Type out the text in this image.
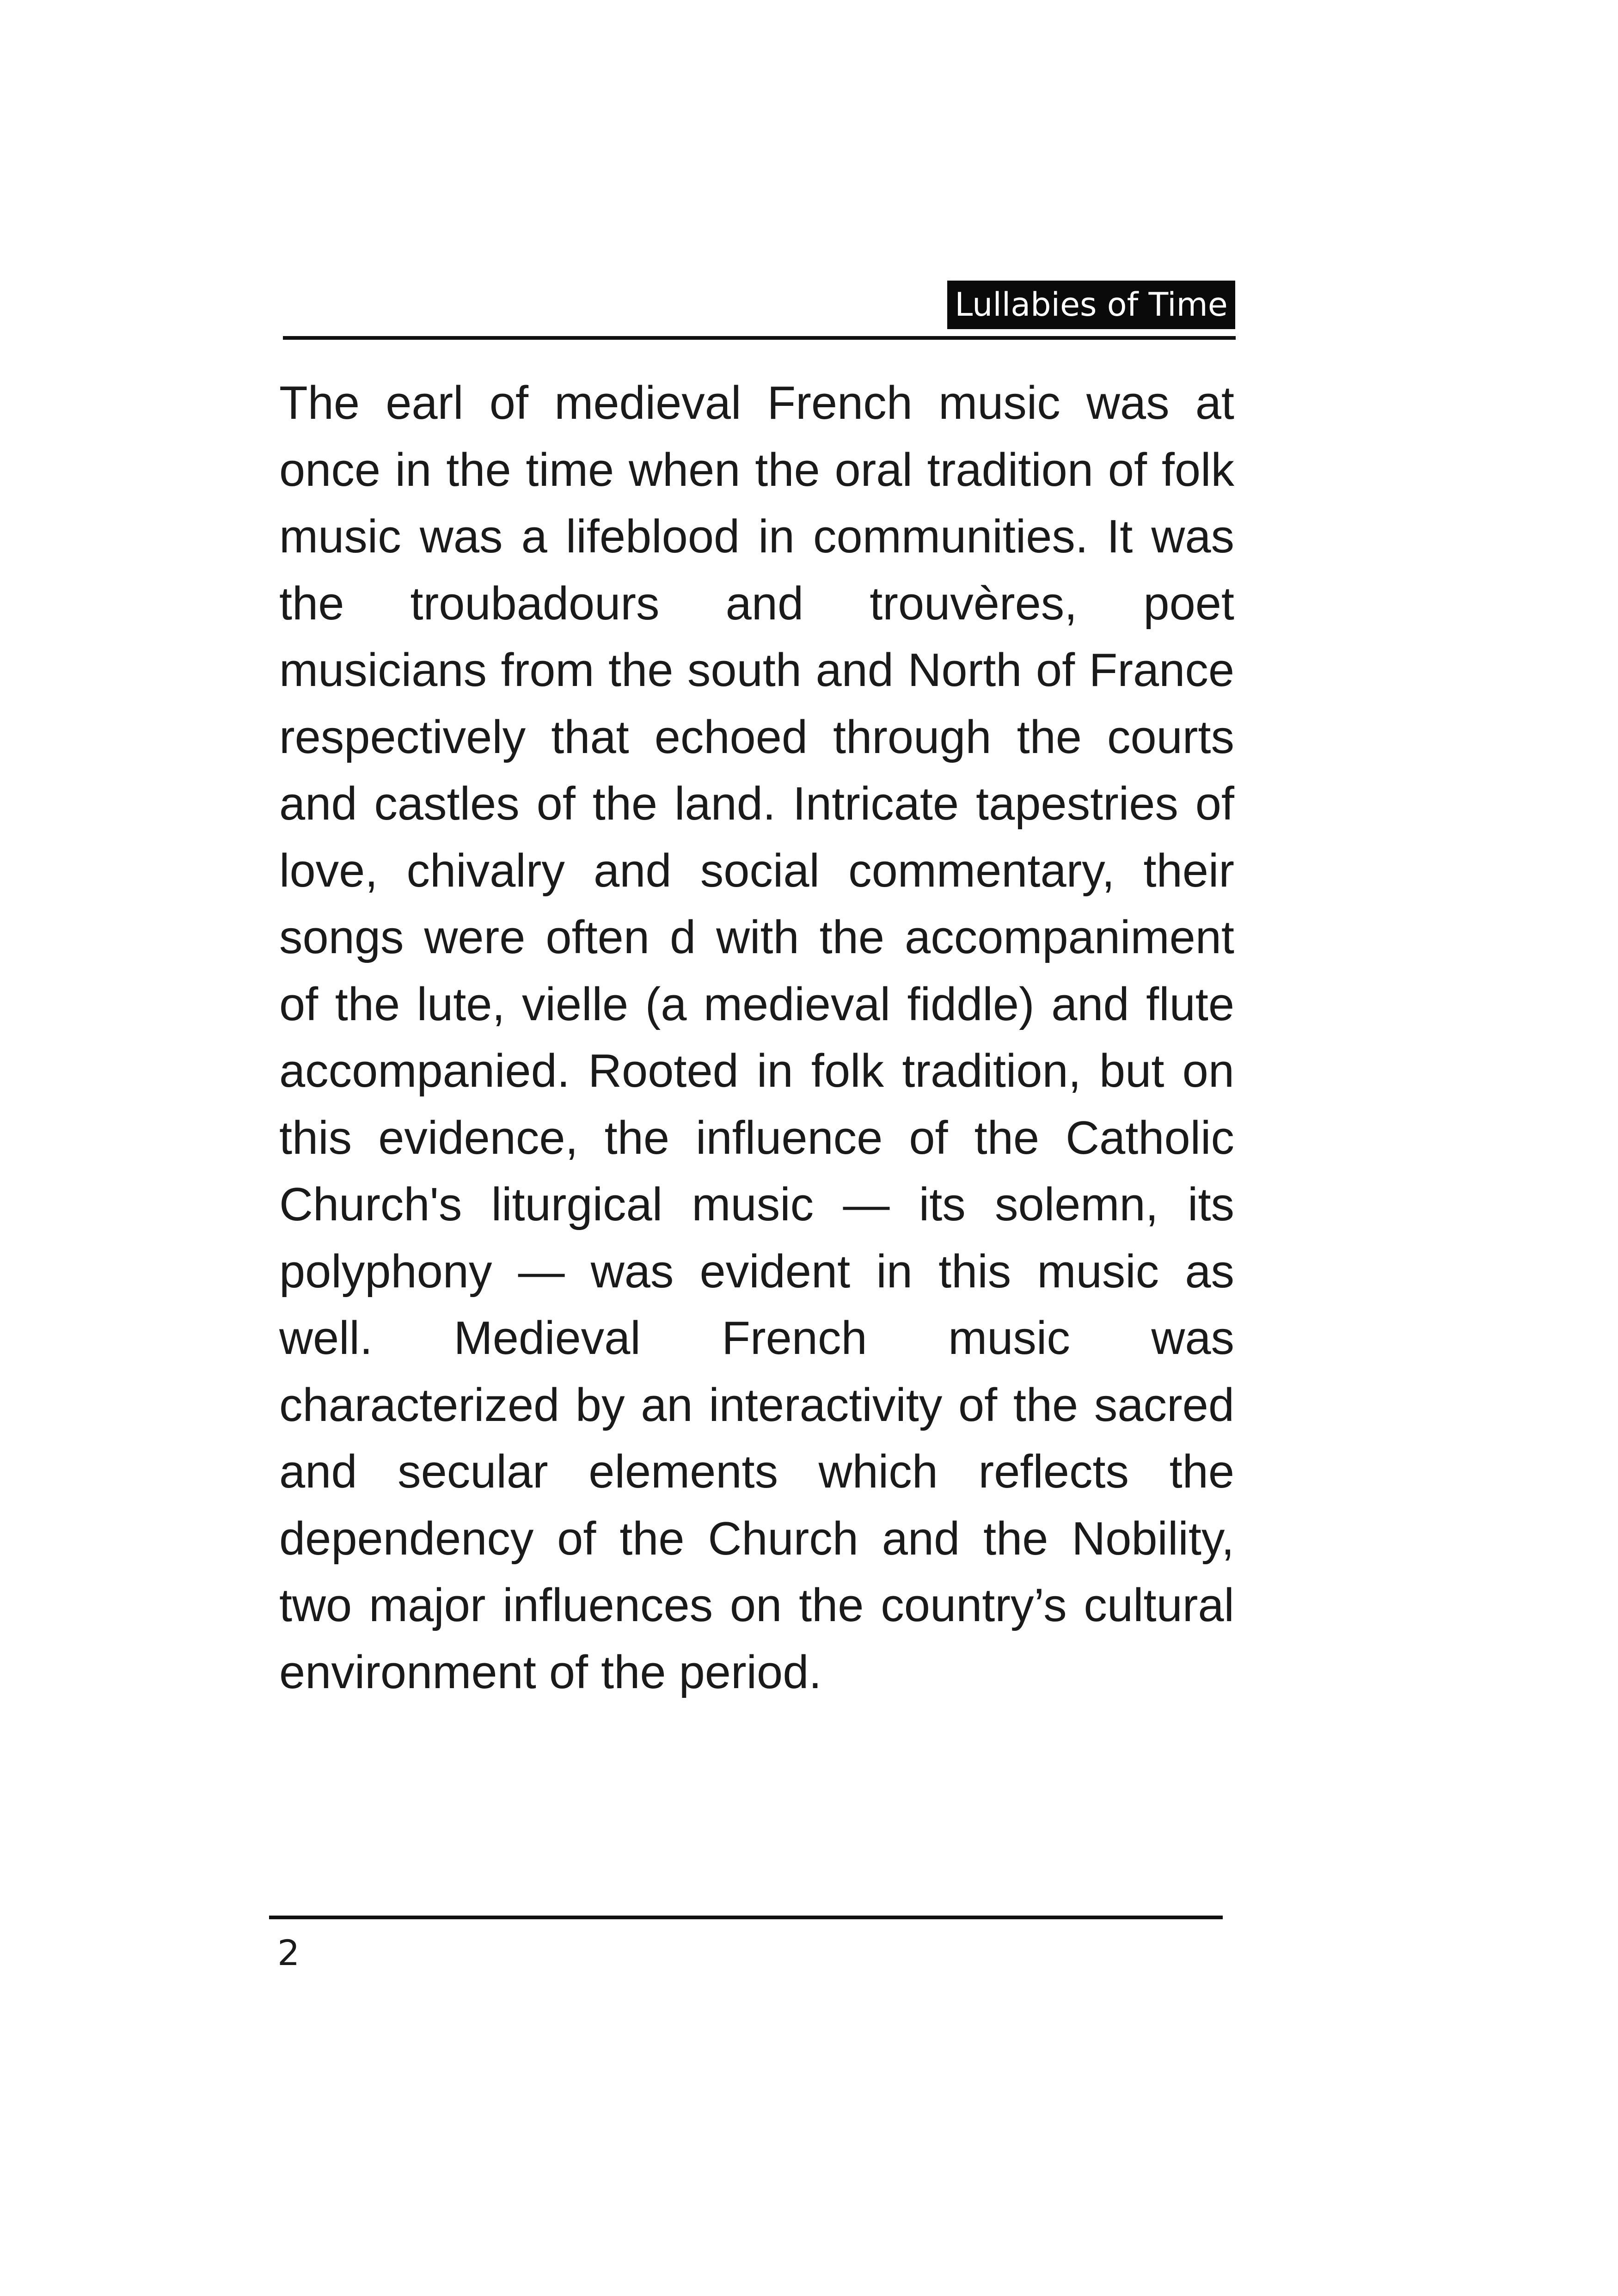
Lullabies of Time

The earl of medieval French music was at once in the time when the oral tradition of folk music was a lifeblood in communities. It was the troubadours and trouvères, poet musicians from the south and North of France respectively that echoed through the courts and castles of the land. Intricate tapestries of love, chivalry and social commentary, their songs were often d with the accompaniment of the lute, vielle (a medieval fiddle) and flute accompanied. Rooted in folk tradition, but on this evidence, the influence of the Catholic Church's liturgical music — its solemn, its polyphony — was evident in this music as well. Medieval French music was characterized by an interactivity of the sacred and secular elements which reflects the dependency of the Church and the Nobility, two major influences on the country’s cultural environment of the period.

2
